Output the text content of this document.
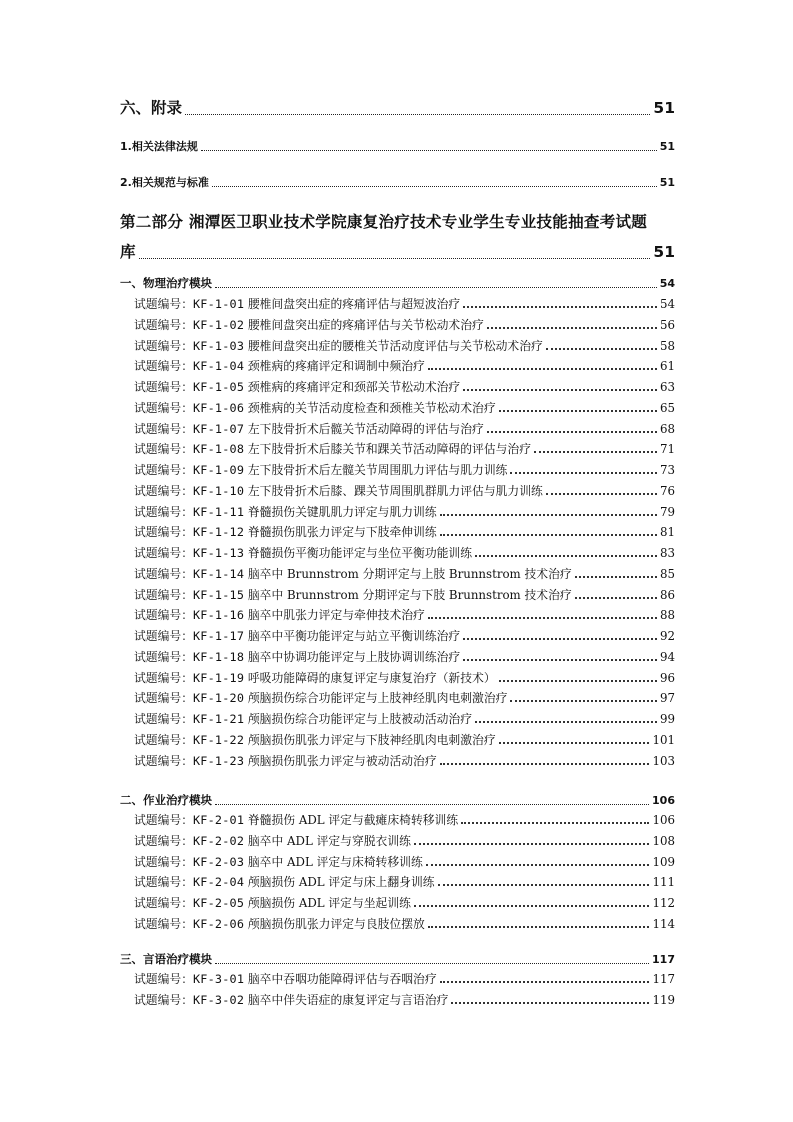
六、附录	51
1.相关法律法规	51
2.相关规范与标准	51
第二部分 湘潭医卫职业技术学院康复治疗技术专业学生专业技能抽查考试题
库	51
一、物理治疗模块	54
试题编号：KF-1-01 腰椎间盘突出症的疼痛评估与超短波治疗	54
试题编号：KF-1-02 腰椎间盘突出症的疼痛评估与关节松动术治疗	56
试题编号：KF-1-03 腰椎间盘突出症的腰椎关节活动度评估与关节松动术治疗	58
试题编号：KF-1-04 颈椎病的疼痛评定和调制中频治疗	61
试题编号：KF-1-05 颈椎病的疼痛评定和颈部关节松动术治疗	63
试题编号：KF-1-06 颈椎病的关节活动度检查和颈椎关节松动术治疗	65
试题编号：KF-1-07 左下肢骨折术后髋关节活动障碍的评估与治疗	68
试题编号：KF-1-08 左下肢骨折术后膝关节和踝关节活动障碍的评估与治疗	71
试题编号：KF-1-09 左下肢骨折术后左髋关节周围肌力评估与肌力训练	73
试题编号：KF-1-10 左下肢骨折术后膝、踝关节周围肌群肌力评估与肌力训练	76
试题编号：KF-1-11 脊髓损伤关键肌肌力评定与肌力训练	79
试题编号：KF-1-12 脊髓损伤肌张力评定与下肢牵伸训练	81
试题编号：KF-1-13 脊髓损伤平衡功能评定与坐位平衡功能训练	83
试题编号：KF-1-14 脑卒中 Brunnstrom 分期评定与上肢 Brunnstrom 技术治疗	85
试题编号：KF-1-15 脑卒中 Brunnstrom 分期评定与下肢 Brunnstrom 技术治疗	86
试题编号：KF-1-16 脑卒中肌张力评定与牵伸技术治疗	88
试题编号：KF-1-17 脑卒中平衡功能评定与站立平衡训练治疗	92
试题编号：KF-1-18 脑卒中协调功能评定与上肢协调训练治疗	94
试题编号：KF-1-19 呼吸功能障碍的康复评定与康复治疗（新技术）	96
试题编号：KF-1-20 颅脑损伤综合功能评定与上肢神经肌肉电刺激治疗	97
试题编号：KF-1-21 颅脑损伤综合功能评定与上肢被动活动治疗	99
试题编号：KF-1-22 颅脑损伤肌张力评定与下肢神经肌肉电刺激治疗	101
试题编号：KF-1-23 颅脑损伤肌张力评定与被动活动治疗	103
二、作业治疗模块	106
试题编号：KF-2-01 脊髓损伤 ADL 评定与截瘫床椅转移训练	106
试题编号：KF-2-02 脑卒中 ADL 评定与穿脱衣训练	108
试题编号：KF-2-03 脑卒中 ADL 评定与床椅转移训练	109
试题编号：KF-2-04 颅脑损伤 ADL 评定与床上翻身训练	111
试题编号：KF-2-05 颅脑损伤 ADL 评定与坐起训练	112
试题编号：KF-2-06 颅脑损伤肌张力评定与良肢位摆放	114
三、言语治疗模块	117
试题编号：KF-3-01 脑卒中吞咽功能障碍评估与吞咽治疗	117
试题编号：KF-3-02 脑卒中伴失语症的康复评定与言语治疗	119
